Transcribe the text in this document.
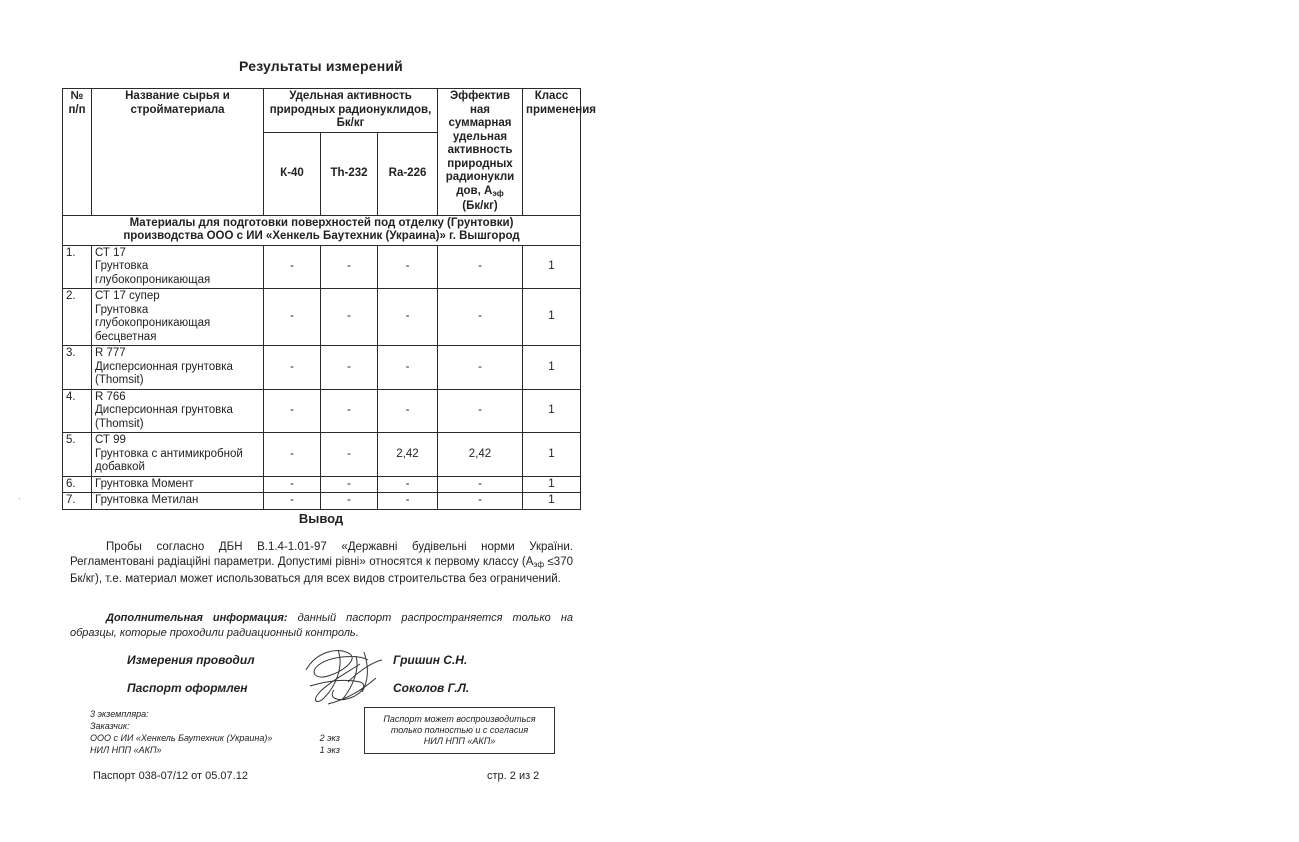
Результаты измерений
№ п/п	Название сырья и стройматериала	Удельная активность природных радионуклидов, Бк/кг	
Эффектив
ная
суммарная
удельная
активность
природных
радионукли
дов, $А_{эф}$
(Бк/кг)
	Класс применения
К-40	Th-232	Ra-226

Материалы для подготовки поверхностей под отделку (Грунтовки)
производства ООО с ИИ «Хенкель Баутехник (Украина)» г. Вышгород

1.	СТ 17
Грунтовка
глубокопроникающая
	-	-	-	-	1
2.	СТ 17 супер
Грунтовка
глубокопроникающая
бесцветная
	-	-	-	-	1
3.	R 777
Дисперсионная грунтовка
(Thomsit)
	-	-	-	-	1
4.	R 766
Дисперсионная грунтовка
(Thomsit)
	-	-	-	-	1
5.	СТ 99
Грунтовка с антимикробной
добавкой
	-	-	2,42	2,42	1
6.	Грунтовка Момент	-	-	-	-	1
7.	Грунтовка Метилан	-	-	-	-	1
Вывод
Пробы согласно ДБН В.1.4-1.01-97 «Державні будівельні норми України. Регламентовані радіаційні параметри. Допустимі рівні» относятся к первому классу ($А_{эф} \le 370$ Бк/кг), т.е. материал может использоваться для всех видов строительства без ограничений.
Дополнительная информация: данный паспорт распространяется только на образцы, которые проходили радиационный контроль.
Измерения проводил	Гришин С.Н.
Паспорт оформлен	Соколов Г.Л.
3 экземпляра:
Заказчик:
ООО с ИИ «Хенкель Баутехник (Украина)»	2 экз
НИЛ НПП «АКП»	1 экз
Паспорт может воспроизводиться
только полностью и с согласия
НИЛ НПП «АКП»
Паспорт 038-07/12 от 05.07.12	стр. 2 из 2
·
